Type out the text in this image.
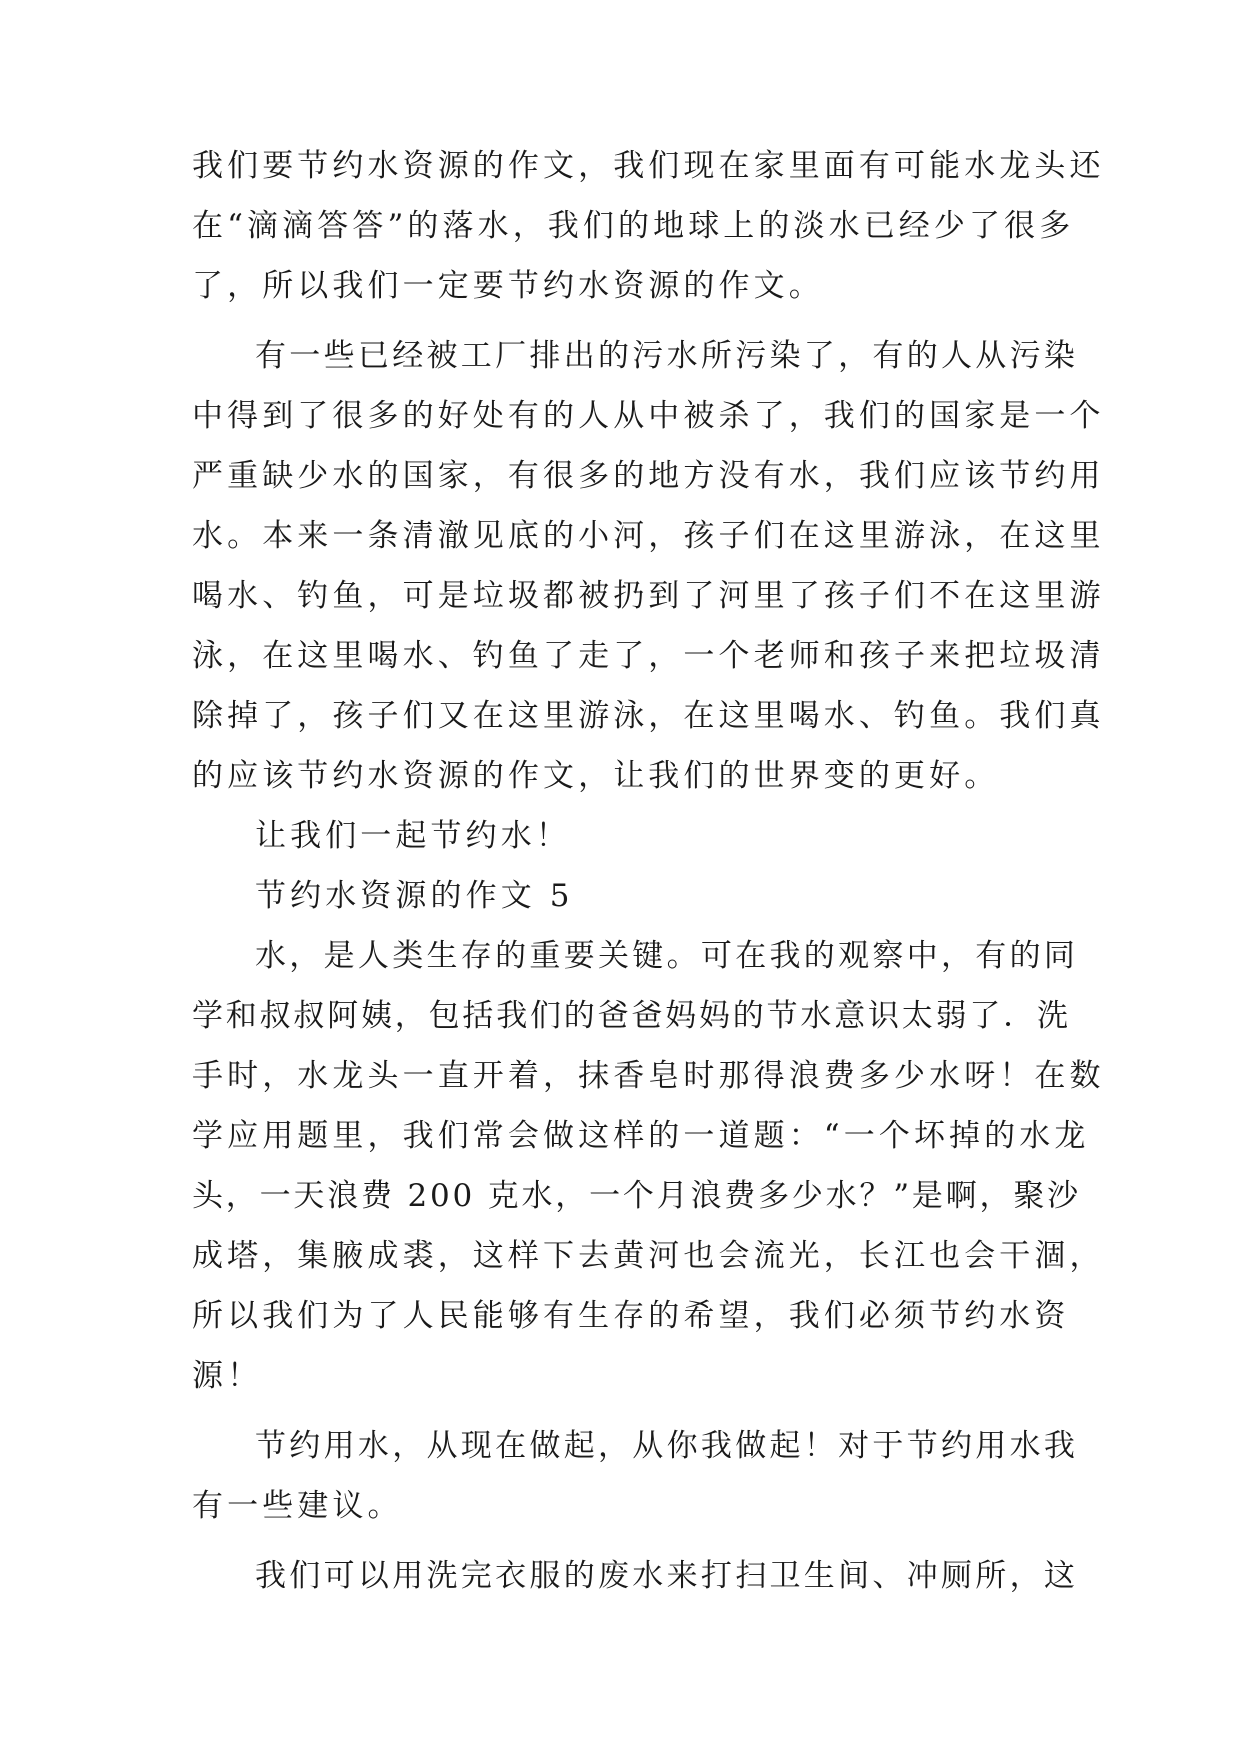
我们要节约水资源的作文，我们现在家里面有可能水龙头还
在“滴滴答答”的落水，我们的地球上的淡水已经少了很多
了，所以我们一定要节约水资源的作文。
有一些已经被工厂排出的污水所污染了，有的人从污染
中得到了很多的好处有的人从中被杀了，我们的国家是一个
严重缺少水的国家，有很多的地方没有水，我们应该节约用
水。本来一条清澈见底的小河，孩子们在这里游泳，在这里
喝水、钓鱼，可是垃圾都被扔到了河里了孩子们不在这里游
泳，在这里喝水、钓鱼了走了，一个老师和孩子来把垃圾清
除掉了，孩子们又在这里游泳，在这里喝水、钓鱼。我们真
的应该节约水资源的作文，让我们的世界变的更好。
让我们一起节约水！
节约水资源的作文 5
水，是人类生存的重要关键。可在我的观察中，有的同
学和叔叔阿姨，包括我们的爸爸妈妈的节水意识太弱了．洗
手时，水龙头一直开着，抹香皂时那得浪费多少水呀！在数
学应用题里，我们常会做这样的一道题：“一个坏掉的水龙
头，一天浪费 200 克水，一个月浪费多少水？”是啊，聚沙
成塔，集腋成裘，这样下去黄河也会流光，长江也会干涸，
所以我们为了人民能够有生存的希望，我们必须节约水资
源！
节约用水，从现在做起，从你我做起！对于节约用水我
有一些建议。
我们可以用洗完衣服的废水来打扫卫生间、冲厕所，这
